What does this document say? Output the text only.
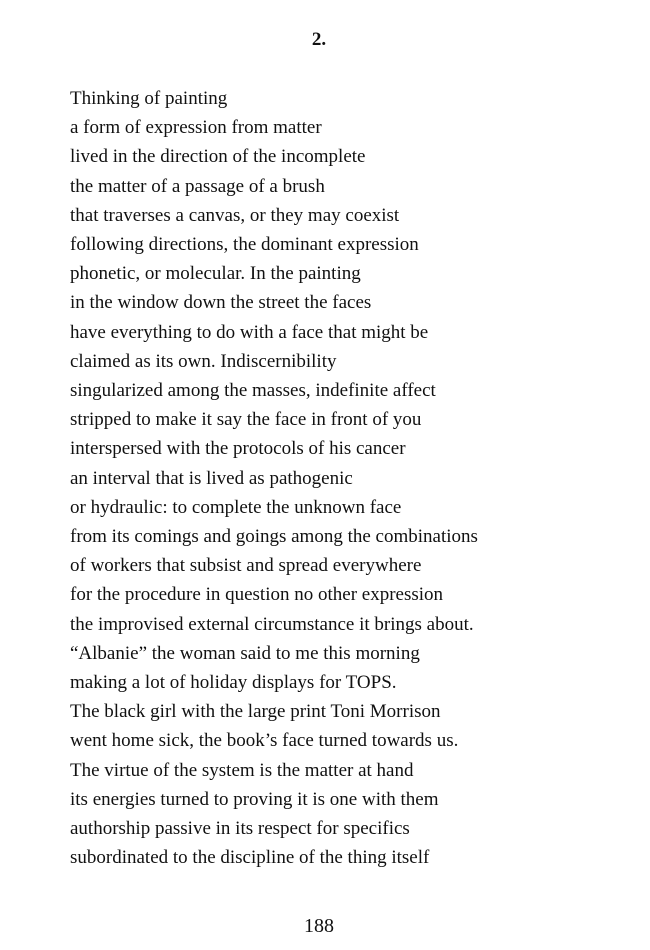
2.
Thinking of painting
a form of expression from matter
lived in the direction of the incomplete
the matter of a passage of a brush
that traverses a canvas, or they may coexist
following directions, the dominant expression
phonetic, or molecular. In the painting
in the window down the street the faces
have everything to do with a face that might be
claimed as its own. Indiscernibility
singularized among the masses, indefinite affect
stripped to make it say the face in front of you
interspersed with the protocols of his cancer
an interval that is lived as pathogenic
or hydraulic: to complete the unknown face
from its comings and goings among the combinations
of workers that subsist and spread everywhere
for the procedure in question no other expression
the improvised external circumstance it brings about.
“Albanie” the woman said to me this morning
making a lot of holiday displays for TOPS.
The black girl with the large print Toni Morrison
went home sick, the book’s face turned towards us.
The virtue of the system is the matter at hand
its energies turned to proving it is one with them
authorship passive in its respect for specifics
subordinated to the discipline of the thing itself
188
